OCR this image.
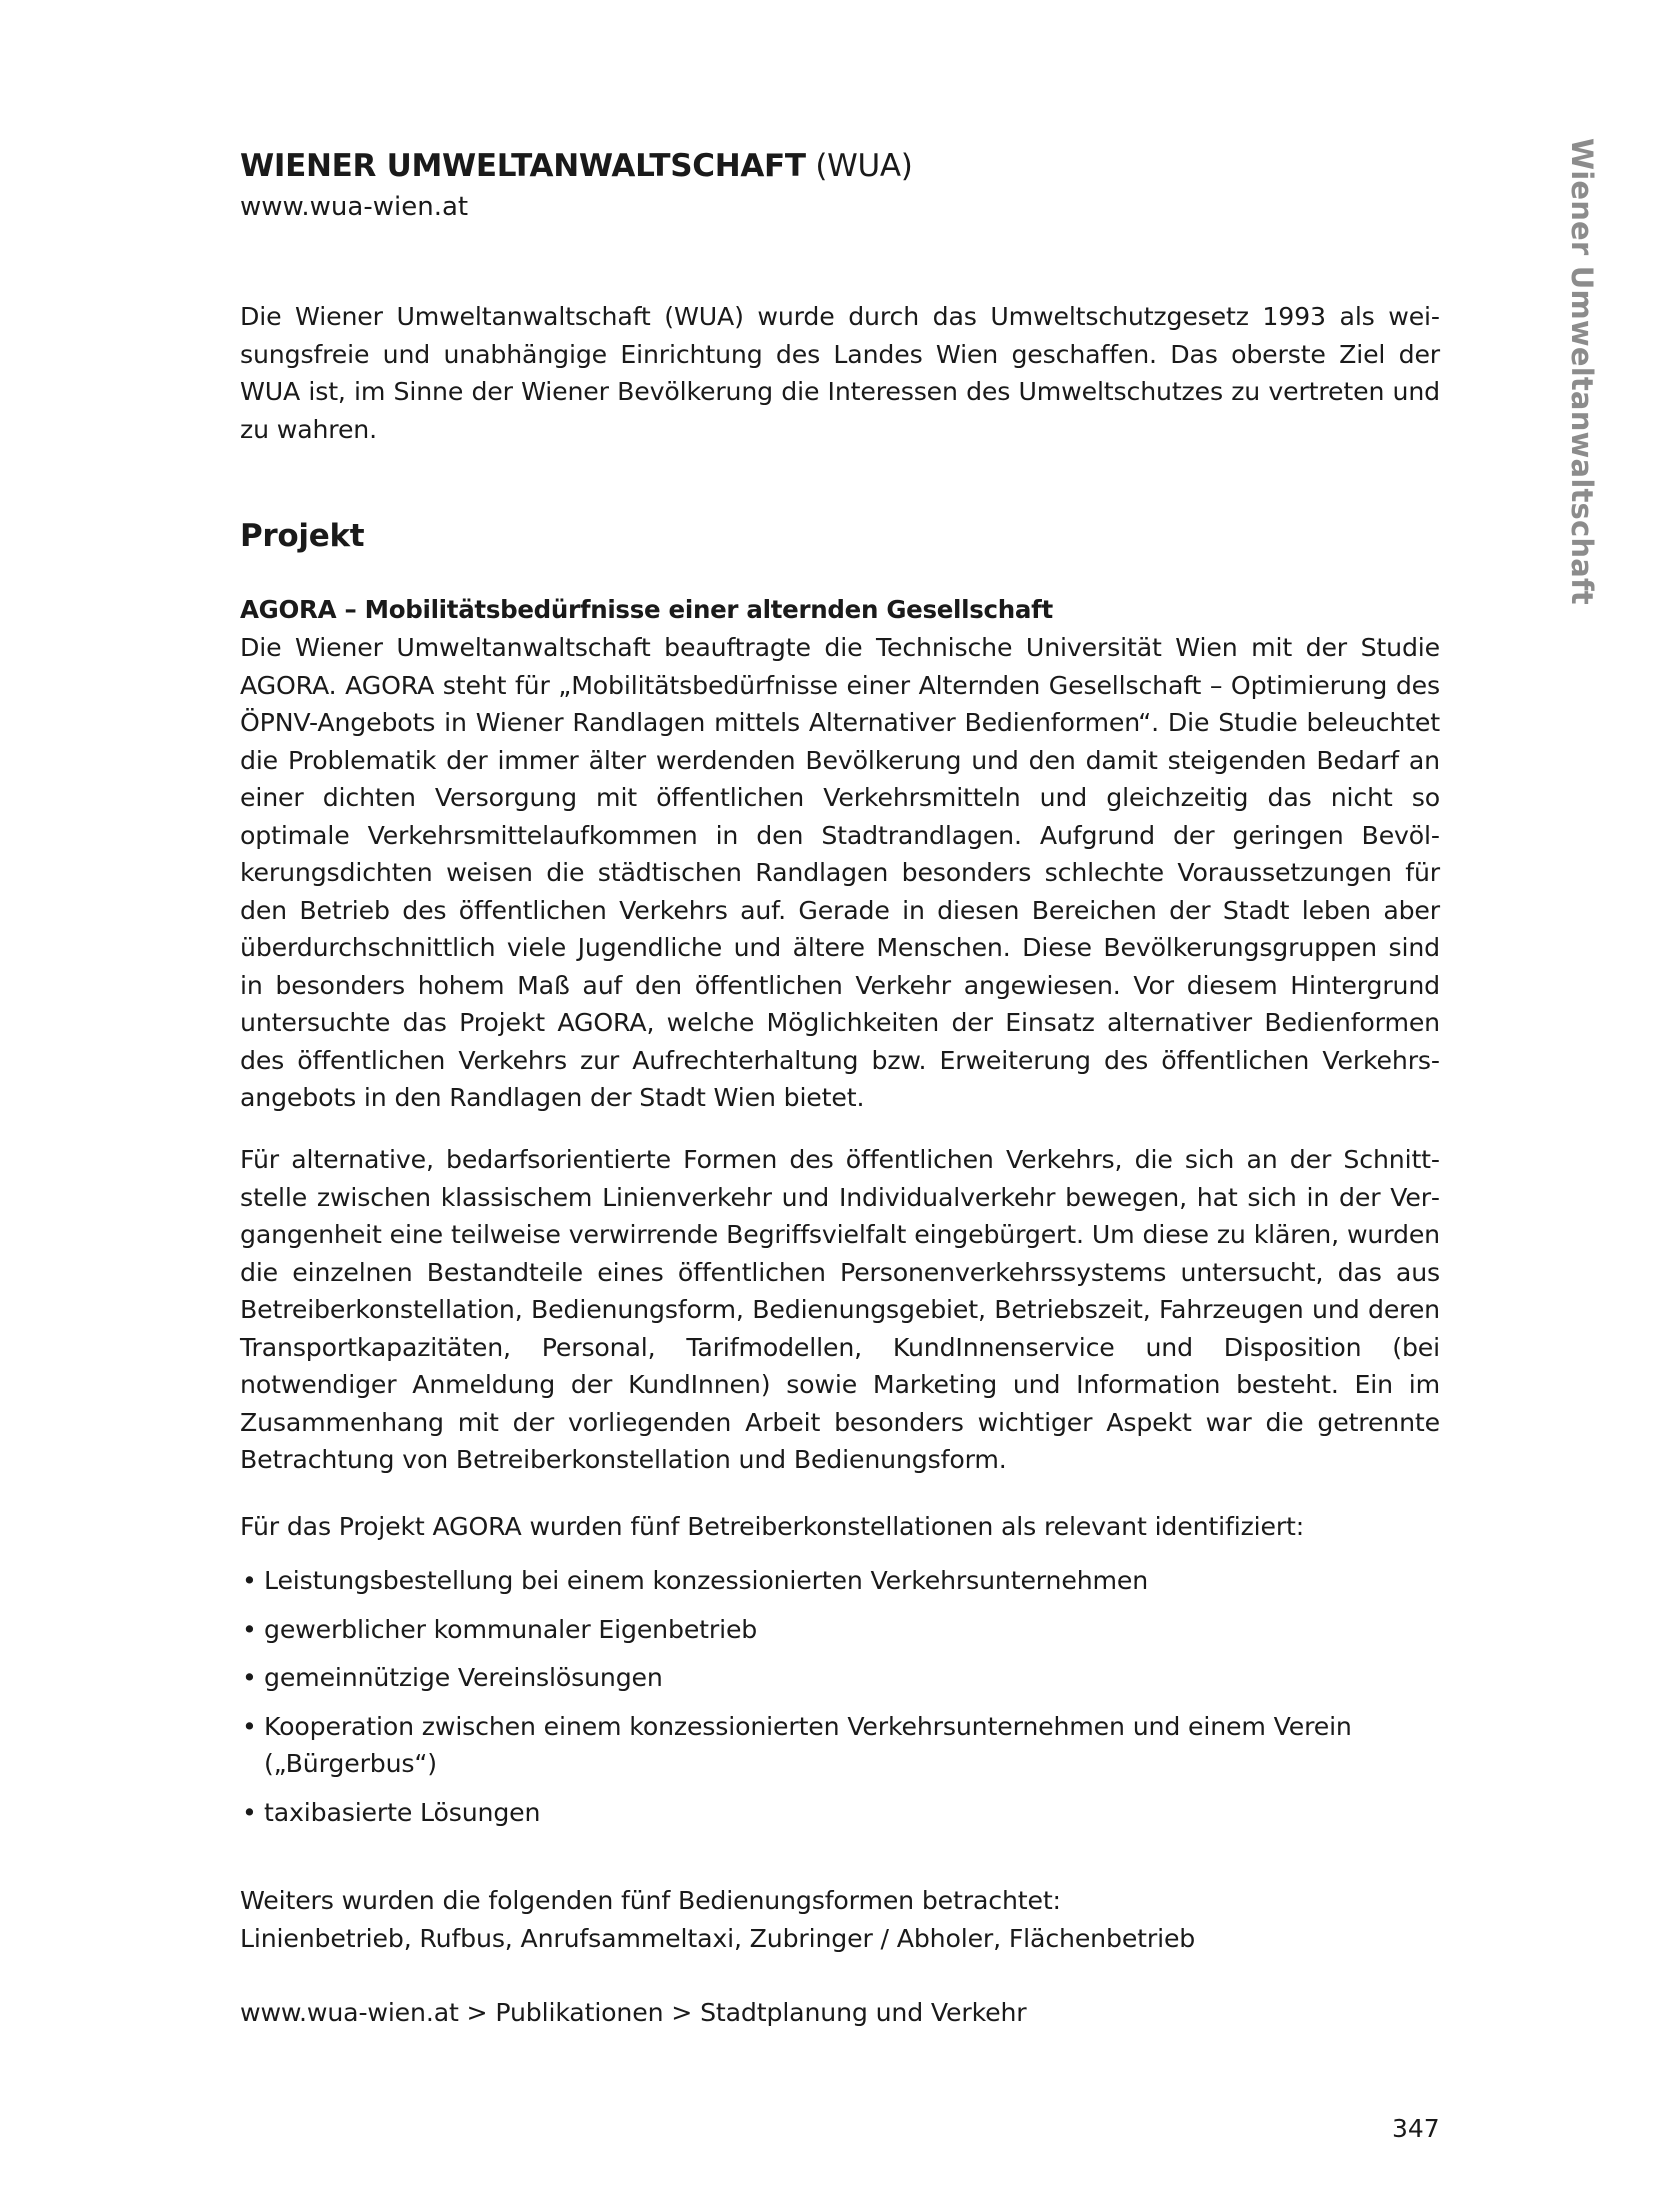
Wiener Umweltanwaltschaft
WIENER UMWELTANWALTSCHAFT (WUA)
www.wua-wien.at

Die Wiener Umweltanwaltschaft (WUA) wurde durch das Umweltschutzgesetz 1993 als weisungsfreie und unabhängige Einrichtung des Landes Wien geschaffen. Das oberste Ziel der WUA ist, im Sinne der Wiener Bevölkerung die Interessen des Umweltschutzes zu vertreten und zu wahren.

Projekt
AGORA – Mobilitätsbedürfnisse einer alternden Gesellschaft

Die Wiener Umweltanwaltschaft beauftragte die Technische Universität Wien mit der Studie AGORA. AGORA steht für „Mobilitätsbedürfnisse einer Alternden Gesellschaft – Optimierung des ÖPNV-Angebots in Wiener Randlagen mittels Alternativer Bedienformen“. Die Studie beleuchtet die Problematik der immer älter werdenden Bevölkerung und den damit steigenden Bedarf an einer dichten Versorgung mit öffentlichen Verkehrsmitteln und gleichzeitig das nicht so optimale Verkehrsmittelaufkommen in den Stadtrandlagen. Aufgrund der geringen Bevölkerungsdichten weisen die städtischen Randlagen besonders schlechte Voraussetzungen für den Betrieb des öffentlichen Verkehrs auf. Gerade in diesen Bereichen der Stadt leben aber überdurchschnittlich viele Jugendliche und ältere Menschen. Diese Bevölkerungsgruppen sind in besonders hohem Maß auf den öffentlichen Verkehr angewiesen. Vor diesem Hintergrund untersuchte das Projekt AGORA, welche Möglichkeiten der Einsatz alternativer Bedienformen des öffentlichen Verkehrs zur Aufrechterhaltung bzw. Erweiterung des öffentlichen Verkehrsangebots in den Randlagen der Stadt Wien bietet.

Für alternative, bedarfsorientierte Formen des öffentlichen Verkehrs, die sich an der Schnittstelle zwischen klassischem Linienverkehr und Individualverkehr bewegen, hat sich in der Vergangenheit eine teilweise verwirrende Begriffsvielfalt eingebürgert. Um diese zu klären, wurden die einzelnen Bestandteile eines öffentlichen Personenverkehrssystems untersucht, das aus Betreiberkonstellation, Bedienungsform, Bedienungsgebiet, Betriebszeit, Fahrzeugen und deren Transportkapazitäten, Personal, Tarifmodellen, KundInnenservice und Disposition (bei notwendiger Anmeldung der KundInnen) sowie Marketing und Information besteht. Ein im Zusammenhang mit der vorliegenden Arbeit besonders wichtiger Aspekt war die getrennte Betrachtung von Betreiberkonstellation und Bedienungsform.

Für das Projekt AGORA wurden fünf Betreiberkonstellationen als relevant identifiziert:

• Leistungsbestellung bei einem konzessionierten Verkehrsunternehmen
• gewerblicher kommunaler Eigenbetrieb
• gemeinnützige Vereinslösungen
• Kooperation zwischen einem konzessionierten Verkehrsunternehmen und einem Verein („Bürgerbus“)
• taxibasierte Lösungen

Weiters wurden die folgenden fünf Bedienungsformen betrachtet:
Linienbetrieb, Rufbus, Anrufsammeltaxi, Zubringer / Abholer, Flächenbetrieb

www.wua-wien.at > Publikationen > Stadtplanung und Verkehr
347
